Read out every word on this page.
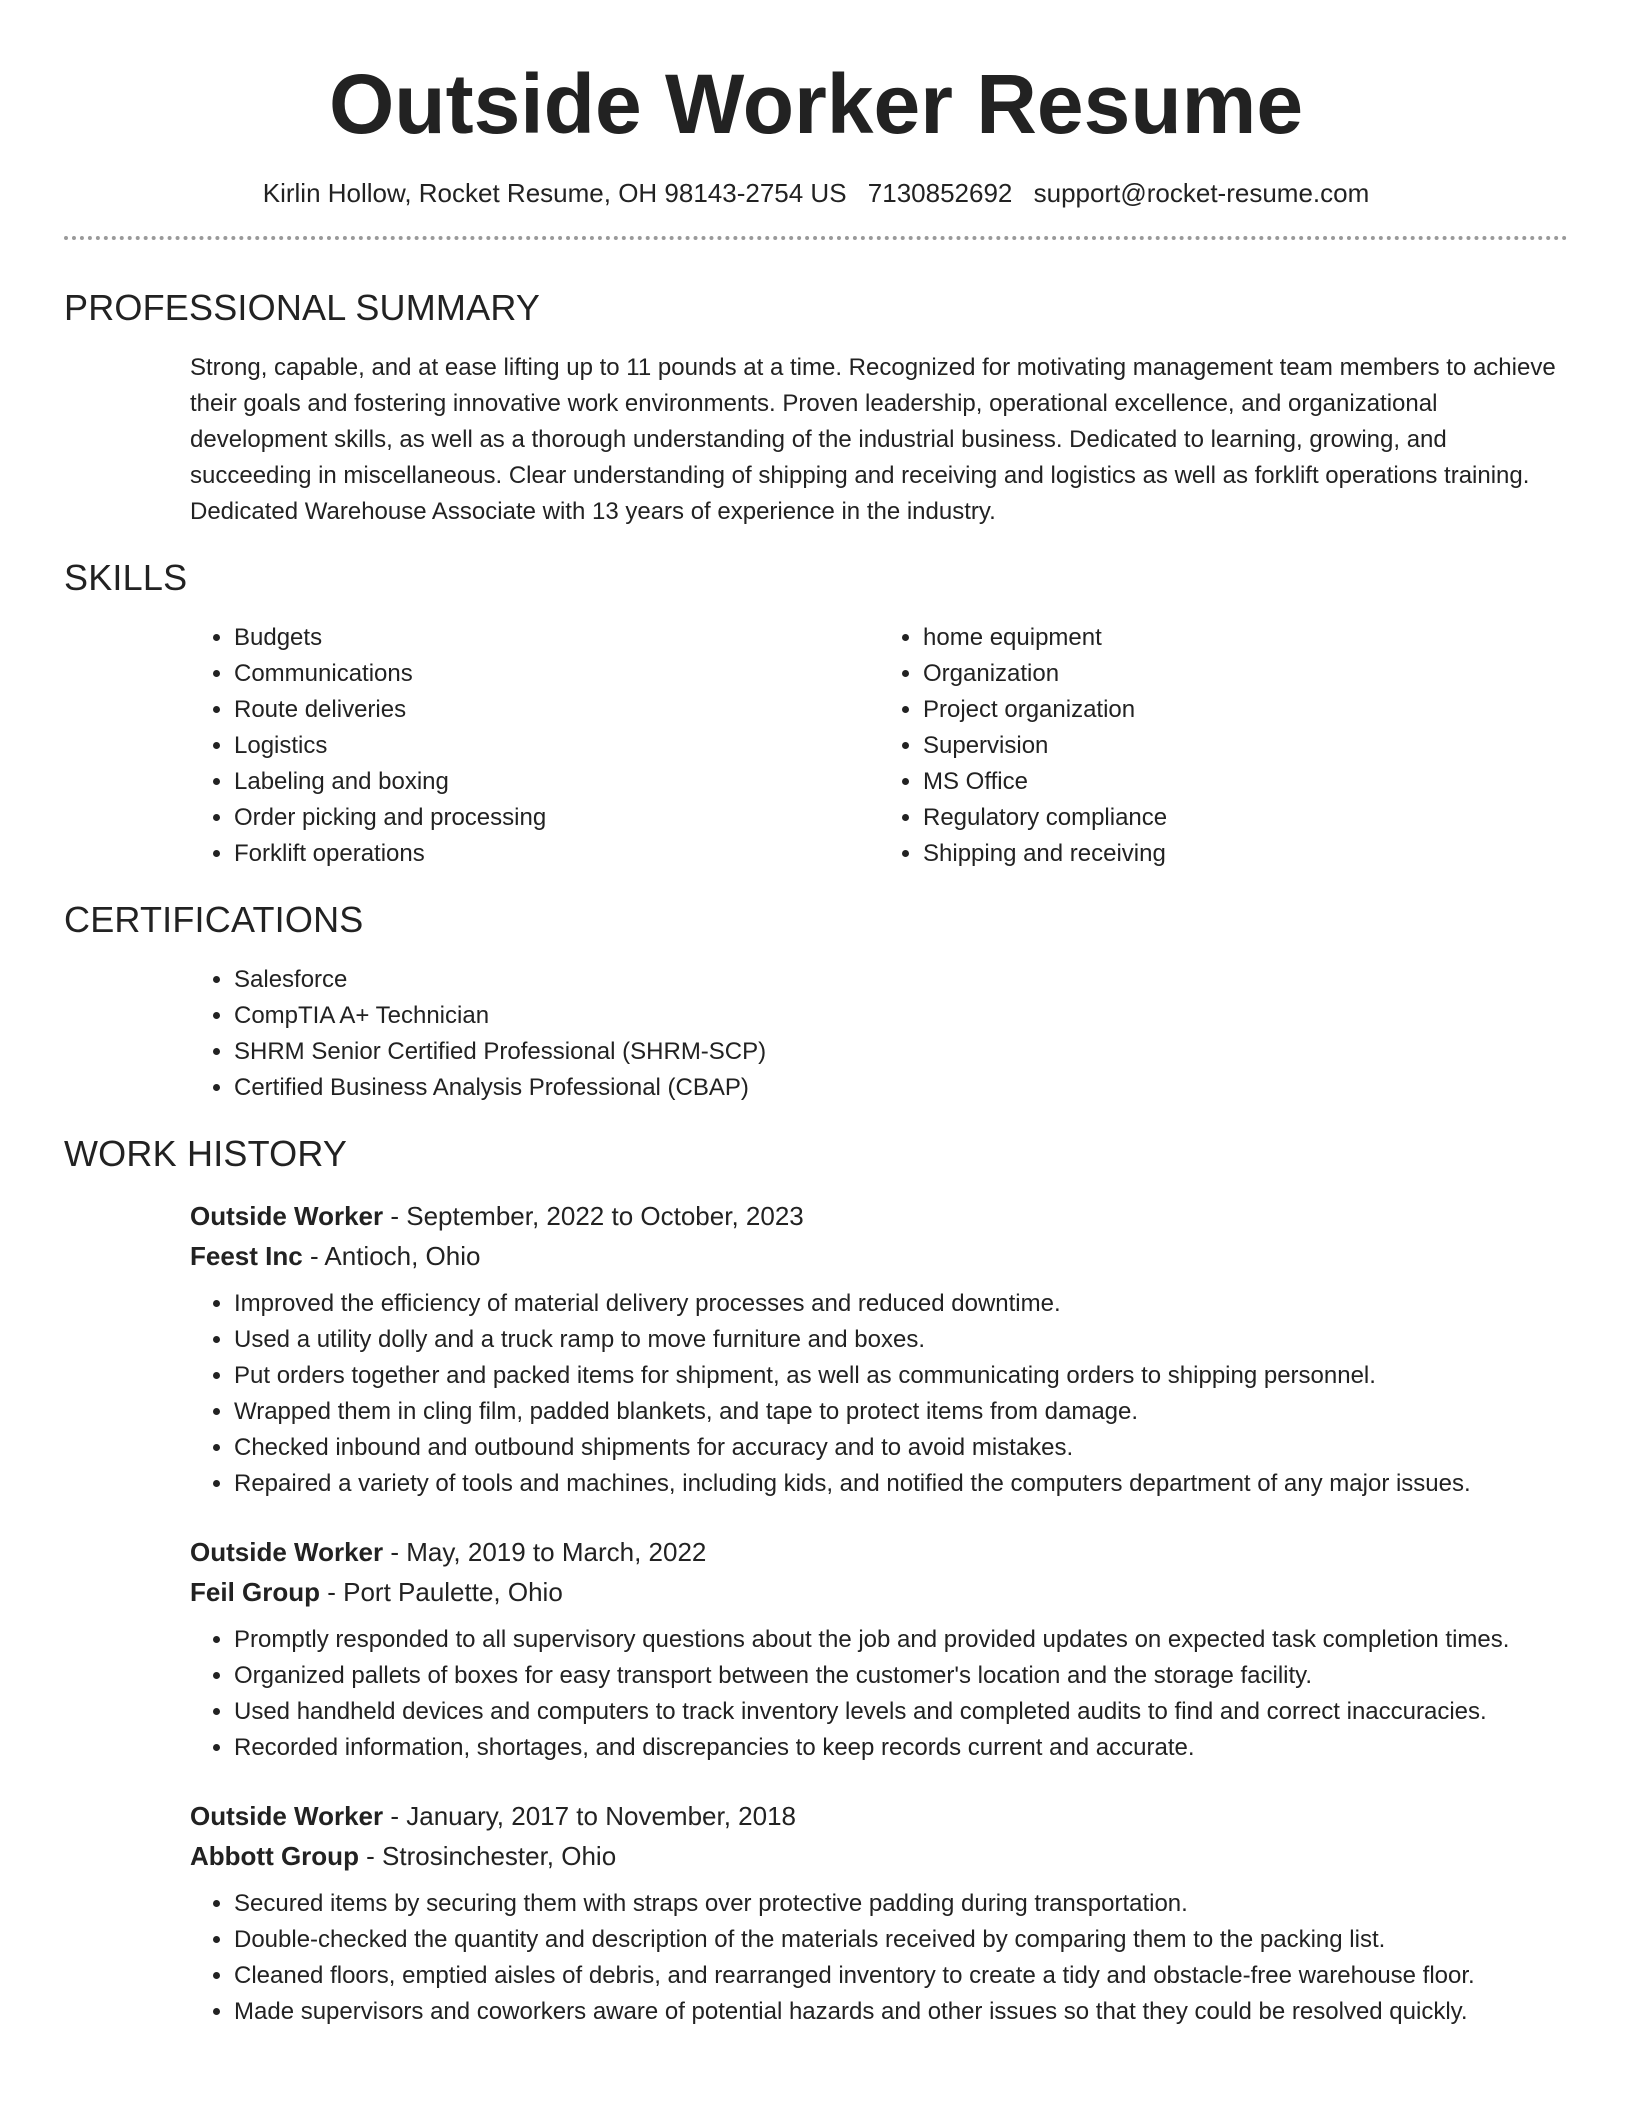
Outside Worker Resume
Kirlin Hollow, Rocket Resume, OH 98143-2754 US 7130852692 support@rocket-resume.com
PROFESSIONAL SUMMARY

Strong, capable, and at ease lifting up to 11 pounds at a time. Recognized for motivating management team members to achieve their goals and fostering innovative work environments. Proven leadership, operational excellence, and organizational development skills, as well as a thorough understanding of the industrial business. Dedicated to learning, growing, and succeeding in miscellaneous. Clear understanding of shipping and receiving and logistics as well as forklift operations training. Dedicated Warehouse Associate with 13 years of experience in the industry.

SKILLS
• Budgets
• Communications
• Route deliveries
• Logistics
• Labeling and boxing
• Order picking and processing
• Forklift operations
• home equipment
• Organization
• Project organization
• Supervision
• MS Office
• Regulatory compliance
• Shipping and receiving
CERTIFICATIONS
• Salesforce
• CompTIA A+ Technician
• SHRM Senior Certified Professional (SHRM-SCP)
• Certified Business Analysis Professional (CBAP)
WORK HISTORY
Outside Worker - September, 2022 to October, 2023
Feest Inc - Antioch, Ohio
• Improved the efficiency of material delivery processes and reduced downtime.
• Used a utility dolly and a truck ramp to move furniture and boxes.
• Put orders together and packed items for shipment, as well as communicating orders to shipping personnel.
• Wrapped them in cling film, padded blankets, and tape to protect items from damage.
• Checked inbound and outbound shipments for accuracy and to avoid mistakes.
• Repaired a variety of tools and machines, including kids, and notified the computers department of any major issues.
Outside Worker - May, 2019 to March, 2022
Feil Group - Port Paulette, Ohio
• Promptly responded to all supervisory questions about the job and provided updates on expected task completion times.
• Organized pallets of boxes for easy transport between the customer's location and the storage facility.
• Used handheld devices and computers to track inventory levels and completed audits to find and correct inaccuracies.
• Recorded information, shortages, and discrepancies to keep records current and accurate.
Outside Worker - January, 2017 to November, 2018
Abbott Group - Strosinchester, Ohio
• Secured items by securing them with straps over protective padding during transportation.
• Double-checked the quantity and description of the materials received by comparing them to the packing list.
• Cleaned floors, emptied aisles of debris, and rearranged inventory to create a tidy and obstacle-free warehouse floor.
• Made supervisors and coworkers aware of potential hazards and other issues so that they could be resolved quickly.
